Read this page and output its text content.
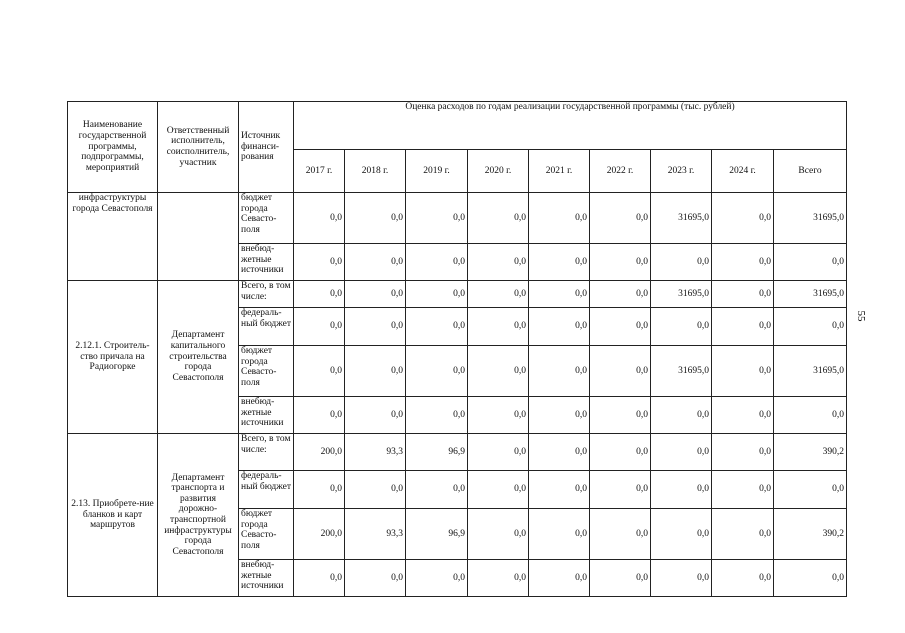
Наименование государственной программы, подпрограммы, мероприятий	Ответственный исполнитель, соисполнитель, участник	Источник финанси-рования	Оценка расходов по годам реализации государственной программы (тыс. рублей)								
			2017 г.	2018 г.	2019 г.	2020 г.	2021 г.	2022 г.	2023 г.	2024 г.	Всего
инфраструктуры города Севастополя		бюджет города Севасто-поля	0,0	0,0	0,0	0,0	0,0	0,0	31695,0	0,0	31695,0
		внебюд-жетные источники	0,0	0,0	0,0	0,0	0,0	0,0	0,0	0,0	0,0
2.12.1. Строитель-ство причала на Радиогорке	Департамент капитального строительства города Севастополя	Всего, в том числе:	0,0	0,0	0,0	0,0	0,0	0,0	31695,0	0,0	31695,0
		федераль-ный бюджет	0,0	0,0	0,0	0,0	0,0	0,0	0,0	0,0	0,0
		бюджет города Севасто-поля	0,0	0,0	0,0	0,0	0,0	0,0	31695,0	0,0	31695,0
		внебюд-жетные источники	0,0	0,0	0,0	0,0	0,0	0,0	0,0	0,0	0,0
2.13. Приобрете-ние бланков и карт маршрутов	Департамент транспорта и развития дорожно-транспортной инфраструктуры города Севастополя	Всего, в том числе:	200,0	93,3	96,9	0,0	0,0	0,0	0,0	0,0	390,2
		федераль-ный бюджет	0,0	0,0	0,0	0,0	0,0	0,0	0,0	0,0	0,0
		бюджет города Севасто-поля	200,0	93,3	96,9	0,0	0,0	0,0	0,0	0,0	390,2
		внебюд-жетные источники	0,0	0,0	0,0	0,0	0,0	0,0	0,0	0,0	0,0
55
